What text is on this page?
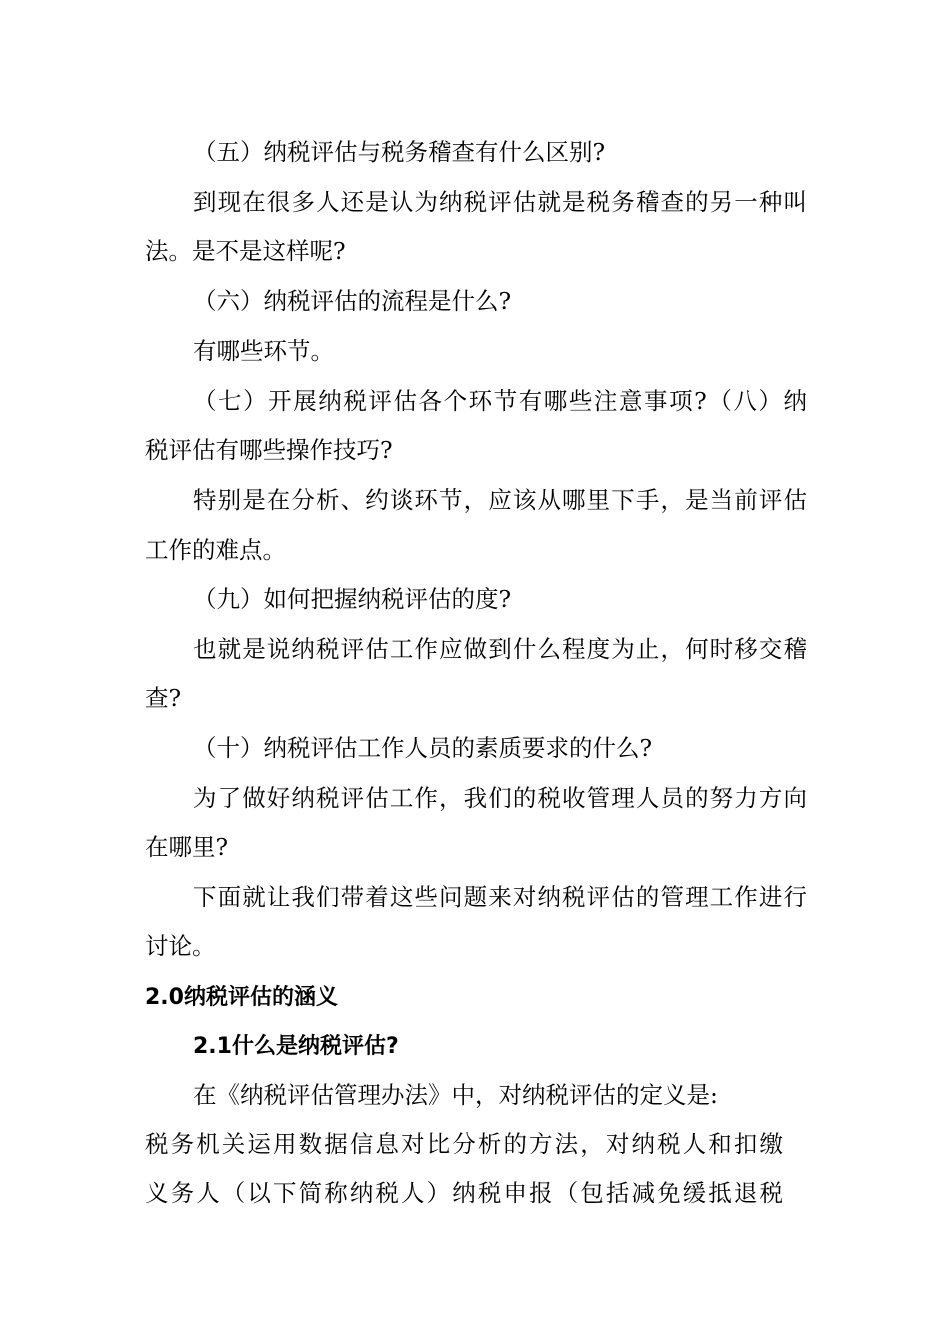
（五）纳税评估与税务稽查有什么区别?
到现在很多人还是认为纳税评估就是税务稽查的另一种叫
法。是不是这样呢?
（六）纳税评估的流程是什么?
有哪些环节。
（七）开展纳税评估各个环节有哪些注意事项?（八）纳
税评估有哪些操作技巧?
特别是在分析、约谈环节，应该从哪里下手，是当前评估
工作的难点。
（九）如何把握纳税评估的度?
也就是说纳税评估工作应做到什么程度为止，何时移交稽
查?
（十）纳税评估工作人员的素质要求的什么?
为了做好纳税评估工作，我们的税收管理人员的努力方向
在哪里?
下面就让我们带着这些问题来对纳税评估的管理工作进行
讨论。
2.0纳税评估的涵义
2.1什么是纳税评估?
在《纳税评估管理办法》中，对纳税评估的定义是:
税务机关运用数据信息对比分析的方法，对纳税人和扣缴
义务人（以下简称纳税人）纳税申报（包括减免缓抵退税
